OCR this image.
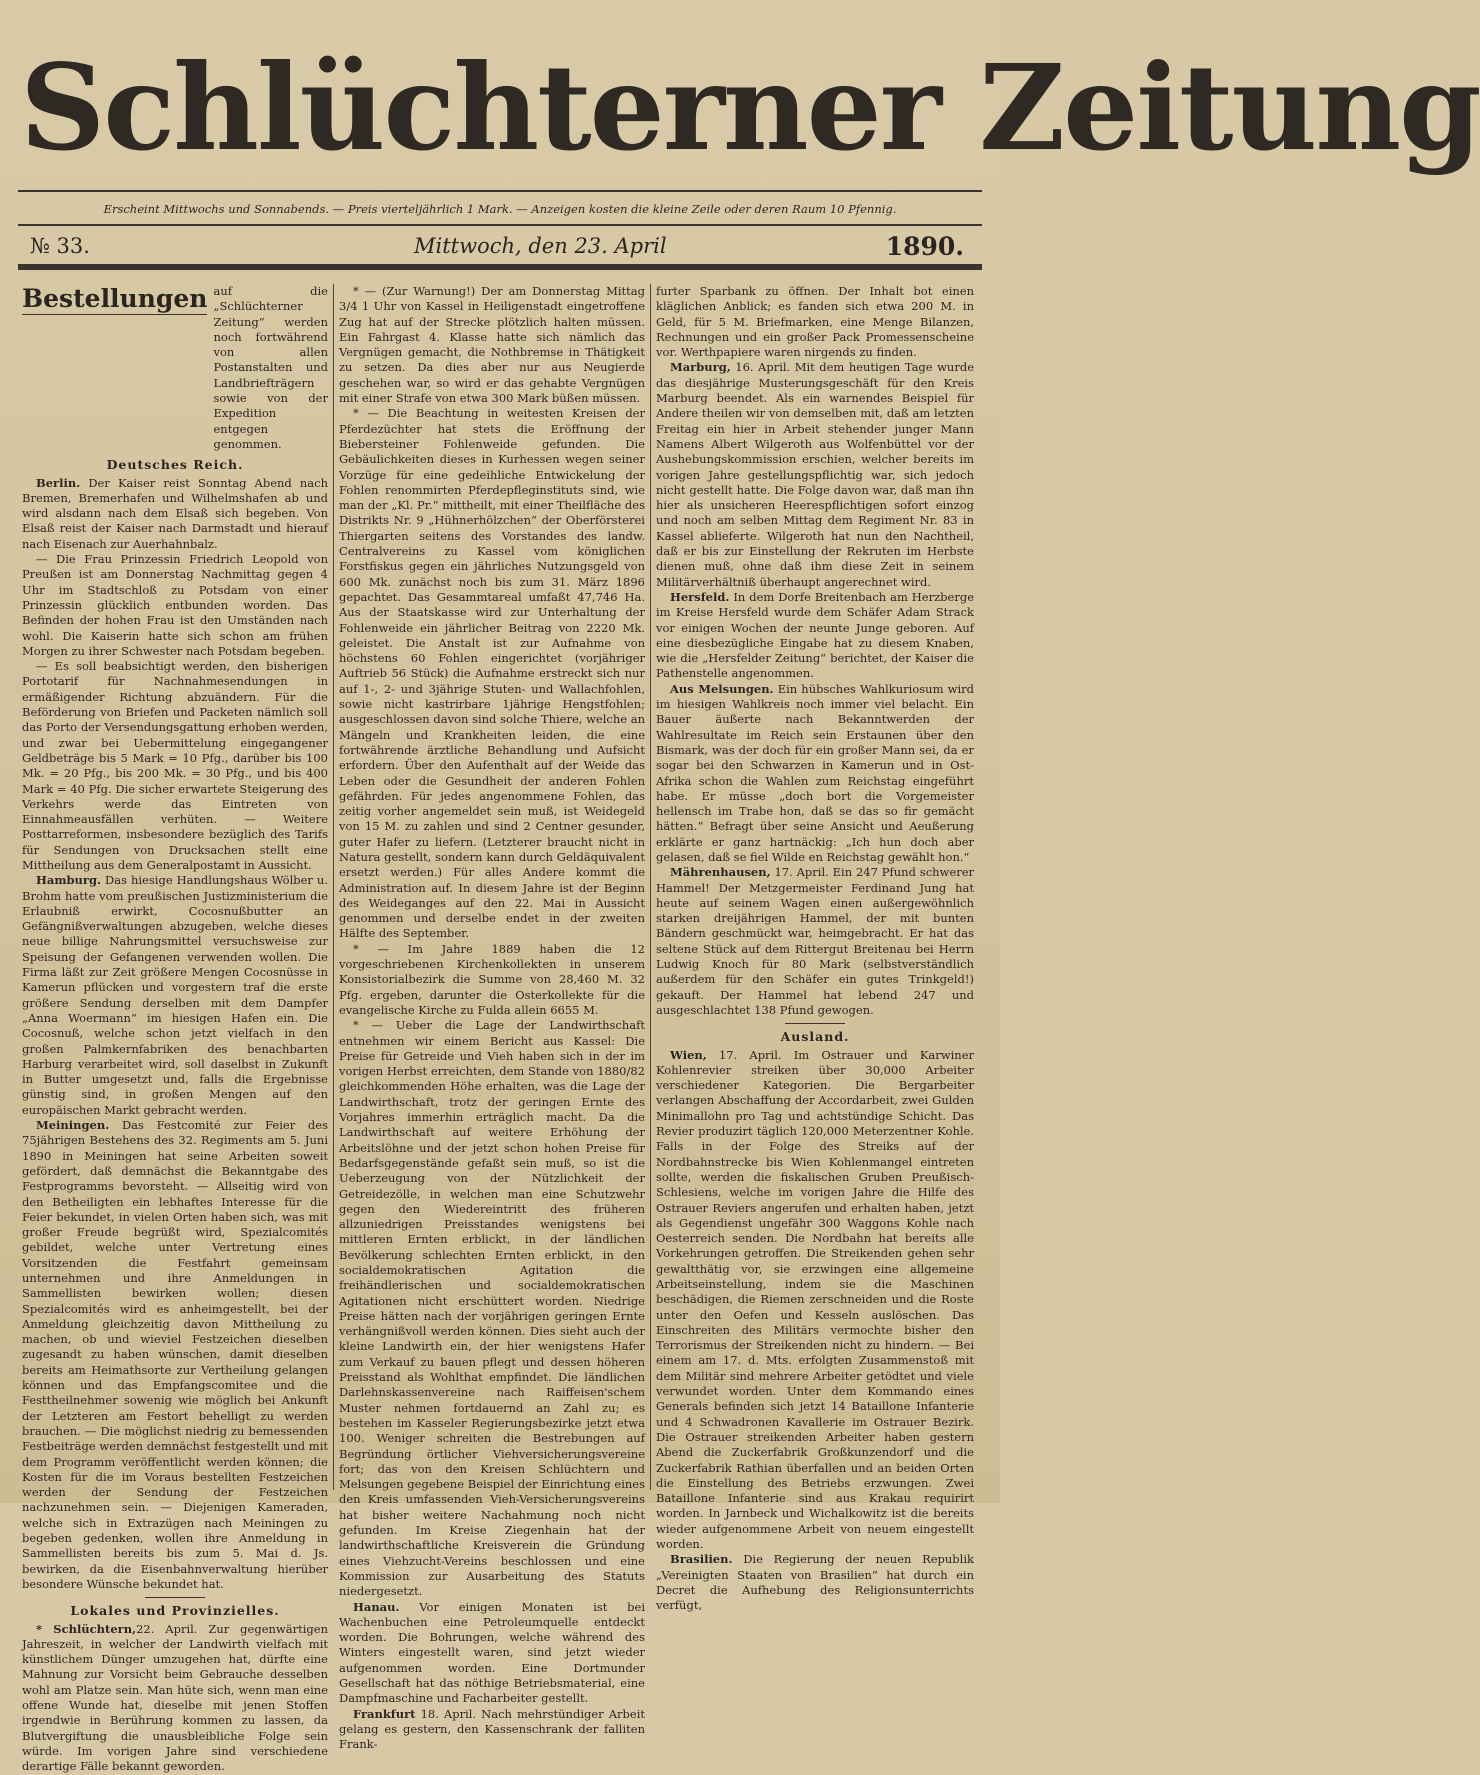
Schlüchterner Zeitung
Erscheint Mittwochs und Sonnabends. — Preis vierteljährlich 1 Mark. — Anzeigen kosten die kleine Zeile oder deren Raum 10 Pfennig.
№ 33.	Mittwoch, den 23. April	1890.
Bestellungen auf die „Schlüchterner Zeitung“ werden noch fortwährend von allen Postanstalten und Landbriefträgern sowie von der Expedition entgegen genommen.
Deutsches Reich.

Berlin. Der Kaiser reist Sonntag Abend nach Bremen, Bremerhafen und Wilhelmshafen ab und wird alsdann nach dem Elsaß sich begeben. Von Elsaß reist der Kaiser nach Darmstadt und hierauf nach Eisenach zur Auerhahnbalz.

— Die Frau Prinzessin Friedrich Leopold von Preußen ist am Donnerstag Nachmittag gegen 4 Uhr im Stadtschloß zu Potsdam von einer Prinzessin glücklich entbunden worden. Das Befinden der hohen Frau ist den Umständen nach wohl. Die Kaiserin hatte sich schon am frühen Morgen zu ihrer Schwester nach Potsdam begeben.

— Es soll beabsichtigt werden, den bisherigen Portotarif für Nachnahmesendungen in ermäßigender Richtung abzuändern. Für die Beförderung von Briefen und Packeten nämlich soll das Porto der Versendungsgattung erhoben werden, und zwar bei Uebermittelung eingegangener Geldbeträge bis 5 Mark = 10 Pfg., darüber bis 100 Mk. = 20 Pfg., bis 200 Mk. = 30 Pfg., und bis 400 Mark = 40 Pfg. Die sicher erwartete Steigerung des Verkehrs werde das Eintreten von Einnahmeausfällen verhüten. — Weitere Posttarreformen, insbesondere bezüglich des Tarifs für Sendungen von Drucksachen stellt eine Mittheilung aus dem Generalpostamt in Aussicht.

Hamburg. Das hiesige Handlungshaus Wölber u. Brohm hatte vom preußischen Justizministerium die Erlaubniß erwirkt, Cocosnußbutter an Gefängnißverwaltungen abzugeben, welche dieses neue billige Nahrungsmittel versuchsweise zur Speisung der Gefangenen verwenden wollen. Die Firma läßt zur Zeit größere Mengen Cocosnüsse in Kamerun pflücken und vorgestern traf die erste größere Sendung derselben mit dem Dampfer „Anna Woermann“ im hiesigen Hafen ein. Die Cocosnuß, welche schon jetzt vielfach in den großen Palmkernfabriken des benachbarten Harburg verarbeitet wird, soll daselbst in Zukunft in Butter umgesetzt und, falls die Ergebnisse günstig sind, in großen Mengen auf den europäischen Markt gebracht werden.

Meiningen. Das Festcomité zur Feier des 75jährigen Bestehens des 32. Regiments am 5. Juni 1890 in Meiningen hat seine Arbeiten soweit gefördert, daß demnächst die Bekanntgabe des Festprogramms bevorsteht. — Allseitig wird von den Betheiligten ein lebhaftes Interesse für die Feier bekundet, in vielen Orten haben sich, was mit großer Freude begrüßt wird, Spezialcomités gebildet, welche unter Vertretung eines Vorsitzenden die Festfahrt gemeinsam unternehmen und ihre Anmeldungen in Sammellisten bewirken wollen; diesen Spezialcomités wird es anheimgestellt, bei der Anmeldung gleichzeitig davon Mittheilung zu machen, ob und wieviel Festzeichen dieselben zugesandt zu haben wünschen, damit dieselben bereits am Heimathsorte zur Vertheilung gelangen können und das Empfangscomitee und die Festtheilnehmer sowenig wie möglich bei Ankunft der Letzteren am Festort behelligt zu werden brauchen. — Die möglichst niedrig zu bemessenden Festbeiträge werden demnächst festgestellt und mit dem Programm veröffentlicht werden können; die Kosten für die im Voraus bestellten Festzeichen werden der Sendung der Festzeichen nachzunehmen sein. — Diejenigen Kameraden, welche sich in Extrazügen nach Meiningen zu begeben gedenken, wollen ihre Anmeldung in Sammellisten bereits bis zum 5. Mai d. Js. bewirken, da die Eisenbahnverwaltung hierüber besondere Wünsche bekundet hat.

Lokales und Provinzielles.

* Schlüchtern,22. April. Zur gegenwärtigen Jahreszeit, in welcher der Landwirth vielfach mit künstlichem Dünger umzugehen hat, dürfte eine Mahnung zur Vorsicht beim Gebrauche desselben wohl am Platze sein. Man hüte sich, wenn man eine offene Wunde hat, dieselbe mit jenen Stoffen irgendwie in Berührung kommen zu lassen, da Blutvergiftung die unausbleibliche Folge sein würde. Im vorigen Jahre sind verschiedene derartige Fälle bekannt geworden.

* — (Zur Warnung!) Der am Donnerstag Mittag 3/4 1 Uhr von Kassel in Heiligenstadt eingetroffene Zug hat auf der Strecke plötzlich halten müssen. Ein Fahrgast 4. Klasse hatte sich nämlich das Vergnügen gemacht, die Nothbremse in Thätigkeit zu setzen. Da dies aber nur aus Neugierde geschehen war, so wird er das gehabte Vergnügen mit einer Strafe von etwa 300 Mark büßen müssen.

* — Die Beachtung in weitesten Kreisen der Pferdezüchter hat stets die Eröffnung der Biebersteiner Fohlenweide gefunden. Die Gebäulichkeiten dieses in Kurhessen wegen seiner Vorzüge für eine gedeihliche Entwickelung der Fohlen renommirten Pferdepfleginstituts sind, wie man der „Kl. Pr.“ mittheilt, mit einer Theilfläche des Distrikts Nr. 9 „Hühnerhölzchen“ der Oberförsterei Thiergarten seitens des Vorstandes des landw. Centralvereins zu Kassel vom königlichen Forstfiskus gegen ein jährliches Nutzungsgeld von 600 Mk. zunächst noch bis zum 31. März 1896 gepachtet. Das Gesammtareal umfaßt 47,746 Ha. Aus der Staatskasse wird zur Unterhaltung der Fohlenweide ein jährlicher Beitrag von 2220 Mk. geleistet. Die Anstalt ist zur Aufnahme von höchstens 60 Fohlen eingerichtet (vorjähriger Auftrieb 56 Stück) die Aufnahme erstreckt sich nur auf 1-, 2- und 3jährige Stuten- und Wallachfohlen, sowie nicht kastrirbare 1jährige Hengstfohlen; ausgeschlossen davon sind solche Thiere, welche an Mängeln und Krankheiten leiden, die eine fortwährende ärztliche Behandlung und Aufsicht erfordern. Über den Aufenthalt auf der Weide das Leben oder die Gesundheit der anderen Fohlen gefährden. Für jedes angenommene Fohlen, das zeitig vorher angemeldet sein muß, ist Weidegeld von 15 M. zu zahlen und sind 2 Centner gesunder, guter Hafer zu liefern. (Letzterer braucht nicht in Natura gestellt, sondern kann durch Geldäquivalent ersetzt werden.) Für alles Andere kommt die Administration auf. In diesem Jahre ist der Beginn des Weideganges auf den 22. Mai in Aussicht genommen und derselbe endet in der zweiten Hälfte des September.

* — Im Jahre 1889 haben die 12 vorgeschriebenen Kirchenkollekten in unserem Konsistorialbezirk die Summe von 28,460 M. 32 Pfg. ergeben, darunter die Osterkollekte für die evangelische Kirche zu Fulda allein 6655 M.

* — Ueber die Lage der Landwirthschaft entnehmen wir einem Bericht aus Kassel: Die Preise für Getreide und Vieh haben sich in der im vorigen Herbst erreichten, dem Stande von 1880/82 gleichkommenden Höhe erhalten, was die Lage der Landwirthschaft, trotz der geringen Ernte des Vorjahres immerhin erträglich macht. Da die Landwirthschaft auf weitere Erhöhung der Arbeitslöhne und der jetzt schon hohen Preise für Bedarfsgegenstände gefaßt sein muß, so ist die Ueberzeugung von der Nützlichkeit der Getreidezölle, in welchen man eine Schutzwehr gegen den Wiedereintritt des früheren allzuniedrigen Preisstandes wenigstens bei mittleren Ernten erblickt, in der ländlichen Bevölkerung schlechten Ernten erblickt, in den socialdemokratischen Agitation die freihändlerischen und socialdemokratischen Agitationen nicht erschüttert worden. Niedrige Preise hätten nach der vorjährigen geringen Ernte verhängnißvoll werden können. Dies sieht auch der kleine Landwirth ein, der hier wenigstens Hafer zum Verkauf zu bauen pflegt und dessen höheren Preisstand als Wohlthat empfindet. Die ländlichen Darlehnskassenvereine nach Raiffeisen'schem Muster nehmen fortdauernd an Zahl zu; es bestehen im Kasseler Regierungsbezirke jetzt etwa 100. Weniger schreiten die Bestrebungen auf Begründung örtlicher Viehversicherungsvereine fort; das von den Kreisen Schlüchtern und Melsungen gegebene Beispiel der Einrichtung eines den Kreis umfassenden Vieh-Versicherungsvereins hat bisher weitere Nachahmung noch nicht gefunden. Im Kreise Ziegenhain hat der landwirthschaftliche Kreisverein die Gründung eines Viehzucht-Vereins beschlossen und eine Kommission zur Ausarbeitung des Statuts niedergesetzt.

Hanau. Vor einigen Monaten ist bei Wachenbuchen eine Petroleumquelle entdeckt worden. Die Bohrungen, welche während des Winters eingestellt waren, sind jetzt wieder aufgenommen worden. Eine Dortmunder Gesellschaft hat das nöthige Betriebsmaterial, eine Dampfmaschine und Facharbeiter gestellt.

Frankfurt 18. April. Nach mehrstündiger Arbeit gelang es gestern, den Kassenschrank der falliten Frank-

furter Sparbank zu öffnen. Der Inhalt bot einen kläglichen Anblick; es fanden sich etwa 200 M. in Geld, für 5 M. Briefmarken, eine Menge Bilanzen, Rechnungen und ein großer Pack Promessenscheine vor. Werthpapiere waren nirgends zu finden.

Marburg, 16. April. Mit dem heutigen Tage wurde das diesjährige Musterungsgeschäft für den Kreis Marburg beendet. Als ein warnendes Beispiel für Andere theilen wir von demselben mit, daß am letzten Freitag ein hier in Arbeit stehender junger Mann Namens Albert Wilgeroth aus Wolfenbüttel vor der Aushebungskommission erschien, welcher bereits im vorigen Jahre gestellungspflichtig war, sich jedoch nicht gestellt hatte. Die Folge davon war, daß man ihn hier als unsicheren Heerespflichtigen sofort einzog und noch am selben Mittag dem Regiment Nr. 83 in Kassel ablieferte. Wilgeroth hat nun den Nachtheil, daß er bis zur Einstellung der Rekruten im Herbste dienen muß, ohne daß ihm diese Zeit in seinem Militärverhältniß überhaupt angerechnet wird.

Hersfeld. In dem Dorfe Breitenbach am Herzberge im Kreise Hersfeld wurde dem Schäfer Adam Strack vor einigen Wochen der neunte Junge geboren. Auf eine diesbezügliche Eingabe hat zu diesem Knaben, wie die „Hersfelder Zeitung“ berichtet, der Kaiser die Pathenstelle angenommen.

Aus Melsungen. Ein hübsches Wahlkuriosum wird im hiesigen Wahlkreis noch immer viel belacht. Ein Bauer äußerte nach Bekanntwerden der Wahlresultate im Reich sein Erstaunen über den Bismark, was der doch für ein großer Mann sei, da er sogar bei den Schwarzen in Kamerun und in Ost-Afrika schon die Wahlen zum Reichstag eingeführt habe. Er müsse „doch bort die Vorgemeister hellensch im Trabe hon, daß se das so fir gemächt hätten.“ Befragt über seine Ansicht und Aeußerung erklärte er ganz hartnäckig: „Ich hun doch aber gelasen, daß se fiel Wilde en Reichstag gewählt hon.“

Mährenhausen, 17. April. Ein 247 Pfund schwerer Hammel! Der Metzgermeister Ferdinand Jung hat heute auf seinem Wagen einen außergewöhnlich starken dreijährigen Hammel, der mit bunten Bändern geschmückt war, heimgebracht. Er hat das seltene Stück auf dem Rittergut Breitenau bei Herrn Ludwig Knoch für 80 Mark (selbstverständlich außerdem für den Schäfer ein gutes Trinkgeld!) gekauft. Der Hammel hat lebend 247 und ausgeschlachtet 138 Pfund gewogen.

Ausland.

Wien, 17. April. Im Ostrauer und Karwiner Kohlenrevier streiken über 30,000 Arbeiter verschiedener Kategorien. Die Bergarbeiter verlangen Abschaffung der Accordarbeit, zwei Gulden Minimallohn pro Tag und achtstündige Schicht. Das Revier produzirt täglich 120,000 Meterzentner Kohle. Falls in der Folge des Streiks auf der Nordbahnstrecke bis Wien Kohlenmangel eintreten sollte, werden die fiskalischen Gruben Preußisch-Schlesiens, welche im vorigen Jahre die Hilfe des Ostrauer Reviers angerufen und erhalten haben, jetzt als Gegendienst ungefähr 300 Waggons Kohle nach Oesterreich senden. Die Nordbahn hat bereits alle Vorkehrungen getroffen. Die Streikenden gehen sehr gewaltthätig vor, sie erzwingen eine allgemeine Arbeitseinstellung, indem sie die Maschinen beschädigen, die Riemen zerschneiden und die Roste unter den Oefen und Kesseln auslöschen. Das Einschreiten des Militärs vermochte bisher den Terrorismus der Streikenden nicht zu hindern. — Bei einem am 17. d. Mts. erfolgten Zusammenstoß mit dem Militär sind mehrere Arbeiter getödtet und viele verwundet worden. Unter dem Kommando eines Generals befinden sich jetzt 14 Bataillone Infanterie und 4 Schwadronen Kavallerie im Ostrauer Bezirk. Die Ostrauer streikenden Arbeiter haben gestern Abend die Zuckerfabrik Großkunzendorf und die Zuckerfabrik Rathian überfallen und an beiden Orten die Einstellung des Betriebs erzwungen. Zwei Bataillone Infanterie sind aus Krakau requirirt worden. In Jarnbeck und Wichalkowitz ist die bereits wieder aufgenommene Arbeit von neuem eingestellt worden.

Brasilien. Die Regierung der neuen Republik „Vereinigten Staaten von Brasilien“ hat durch ein Decret die Aufhebung des Religionsunterrichts verfügt,
